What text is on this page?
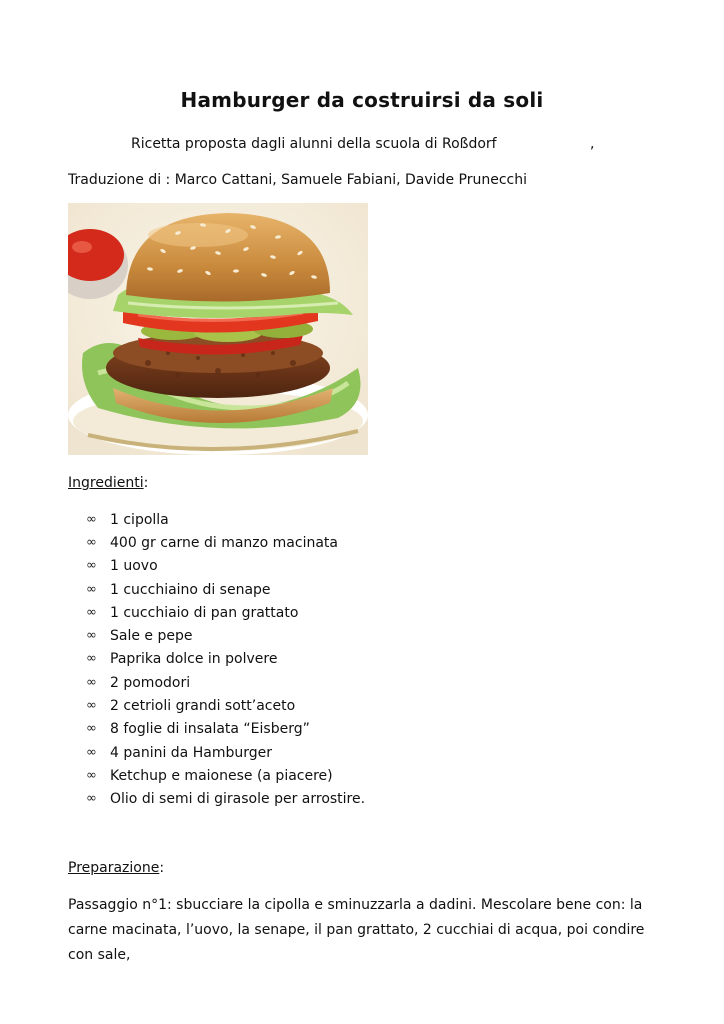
Hamburger da costruirsi da soli
Ricetta proposta dagli alunni della scuola di Roßdorf	,
Traduzione di : Marco Cattani, Samuele Fabiani, Davide Prunecchi
Ingredienti:
∞ 1 cipolla
∞ 400 gr carne di manzo macinata
∞ 1 uovo
∞ 1 cucchiaino di senape
∞ 1 cucchiaio di pan grattato
∞ Sale e pepe
∞ Paprika dolce in polvere
∞ 2 pomodori
∞ 2 cetrioli grandi sott’aceto
∞ 8 foglie di insalata “Eisberg”
∞ 4 panini da Hamburger
∞ Ketchup e maionese (a piacere)
∞ Olio di semi di girasole per arrostire.
Preparazione:
Passaggio n°1: sbucciare la cipolla e sminuzzarla a dadini. Mescolare bene con: la carne macinata, l’uovo, la senape, il pan grattato, 2 cucchiai di acqua, poi condire con sale,
